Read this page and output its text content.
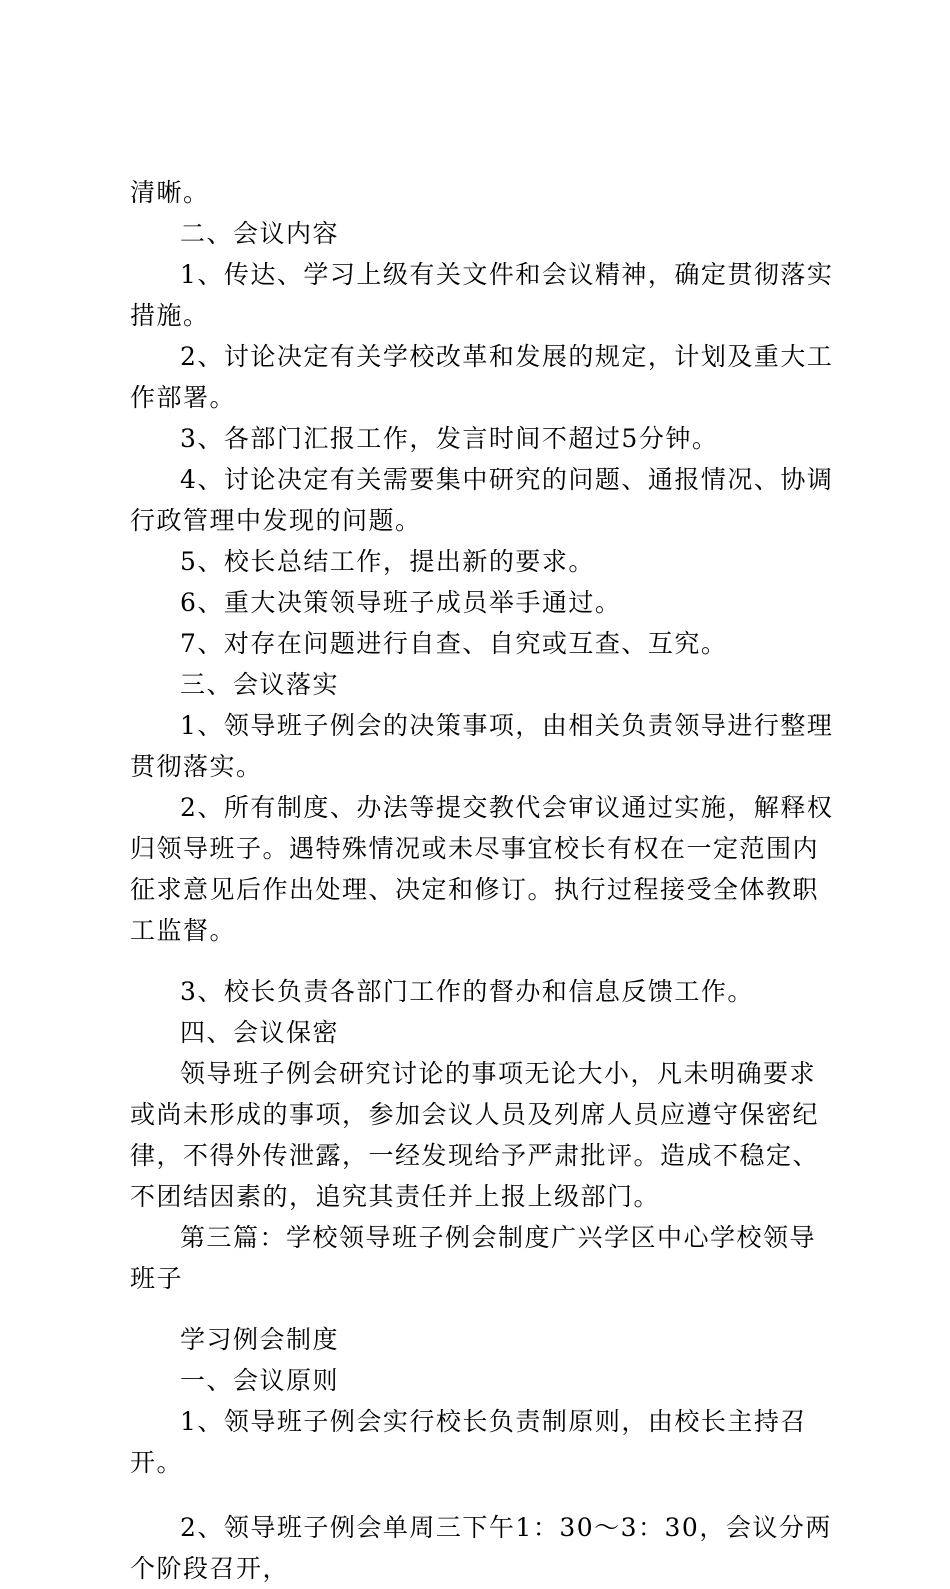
清晰。

二、会议内容

1、传达、学习上级有关文件和会议精神，确定贯彻落实措施。

2、讨论决定有关学校改革和发展的规定，计划及重大工作部署。

3、各部门汇报工作，发言时间不超过5分钟。

4、讨论决定有关需要集中研究的问题、通报情况、协调行政管理中发现的问题。

5、校长总结工作，提出新的要求。

6、重大决策领导班子成员举手通过。

7、对存在问题进行自查、自究或互查、互究。

三、会议落实

1、领导班子例会的决策事项，由相关负责领导进行整理贯彻落实。

2、所有制度、办法等提交教代会审议通过实施，解释权归领导班子。遇特殊情况或未尽事宜校长有权在一定范围内征求意见后作出处理、决定和修订。执行过程接受全体教职工监督。

3、校长负责各部门工作的督办和信息反馈工作。

四、会议保密

领导班子例会研究讨论的事项无论大小，凡未明确要求或尚未形成的事项，参加会议人员及列席人员应遵守保密纪律，不得外传泄露，一经发现给予严肃批评。造成不稳定、不团结因素的，追究其责任并上报上级部门。

第三篇：学校领导班子例会制度广兴学区中心学校领导班子

学习例会制度

一、会议原则

1、领导班子例会实行校长负责制原则，由校长主持召开。

2、领导班子例会单周三下午1：30～3：30，会议分两个阶段召开，
